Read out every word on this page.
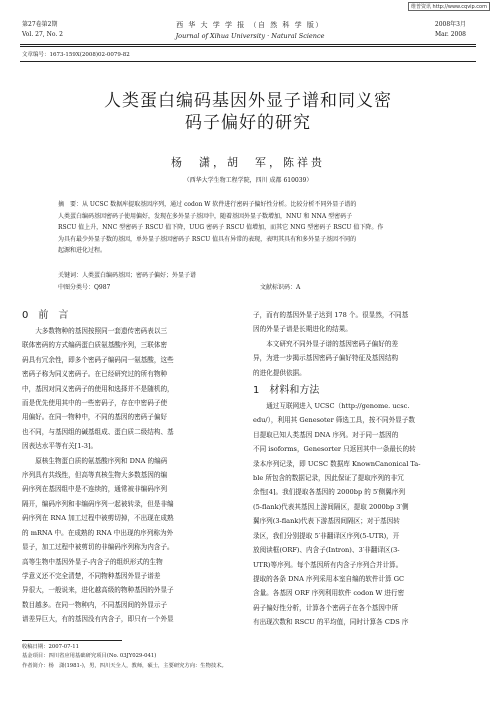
维普资讯 http://www.cqvip.com
第27卷第2期
Vol. 27, No. 2
西 华 大 学 学 报 （自 然 科 学 版）
Journal of Xihua University · Natural Science
2008年3月
Mar. 2008
文章编号：1673-159X(2008)02-0079-82
人类蛋白编码基因外显子谱和同义密
码子偏好的研究
杨　潇，胡　军，陈祥贵
（西华大学生物工程学院，四川 成都 610039）
摘　要：从 UCSC 数据库提取基因序列，通过 codon W 软件进行密码子偏好性分析。比较分析不同外显子谱的
人类蛋白编码基因密码子使用偏好，发现在多外显子基因中，随着基因外显子数增加，NNU 和 NNA 型密码子
RSCU 值上升，NNC 型密码子 RSCU 值下降，UUG 密码子 RSCU 值增加，而其它 NNG 型密码子 RSCU 值下降。作
为具有最少外显子数的基因，单外显子基因密码子 RSCU 值具有异常的表现，表明其具有和多外显子基因不同的
起源和进化过程。
关键词：人类蛋白编码基因；密码子偏好；外显子谱
中图分类号：Q987	文献标识码：A
0　前　言
大多数物种的基因按照同一套遗传密码表以三
联体密码的方式编码蛋白质氨基酸序列，三联体密
码具有冗余性，即多个密码子编码同一氨基酸，这些
密码子称为同义密码子。在已经研究过的所有物种
中，基因对同义密码子的使用和选择并不是随机的，
而是优先使用其中的一些密码子，存在中密码子使
用偏好。在同一物种中，不同的基因的密码子偏好
也不同，与基因组的碱基组成、蛋白质二级结构、基
因表达水平等有关[1-3]。
原核生物蛋白质的氨基酸序列和 DNA 的编码
序列具有共线性，但高等真核生物大多数基因的编
码序列在基因组中是不连续的，通常被非编码序列
隔开，编码序列和非编码序列一起被转录，但是非编
码序列在 RNA 加工过程中被剪切掉，不出现在成熟
的 mRNA 中。在成熟的 RNA 中出现的序列称为外
显子，加工过程中被剪切的非编码序列称为内含子。
高等生物中基因外显子-内含子的组织形式的生物
学意义还不完全清楚，不同物种基因外显子谱差
异很大，一般说来，进化越高级的物种基因的外显子
数目越多。在同一物种内，不同基因间的外显示子
谱差异巨大，有的基因没有内含子，即只有一个外显
子，而有的基因外显子达到 178 个。很显然，不同基
因的外显子谱是长期进化的结果。
本文研究不同外显子谱的基因密码子偏好的差
异，为进一步揭示基因密码子偏好特征及基因结构
的进化提供依据。
1　材料和方法
通过互联网进入 UCSC（http://genome. ucsc.
edu/），利用其 Genesoter 筛选工具，按不同外显子数
目提取已知人类基因 DNA 序列。对于同一基因的
不同 isoforms，Genesorter 只返回其中一条最长的转
录本序列记录，即 UCSC 数据库 KnownCanonical Ta-
ble 所包含的数据记录，因此保证了提取序列的非冗
余性[4]。我们提取各基因的 2000bp 的 5′侧翼序列
(5-flank)代表其基因上游间隔区，提取 2000bp 3′侧
翼序列(3-flank)代表下游基因间隔区；对于基因转
录区，我们分别提取 5′非翻译区序列(5-UTR)，开
放阅读框(ORF)、内含子(Intron)、3′非翻译区(3-
UTR)等序列。每个基因所有内含子序列合并计算。
提取的各条 DNA 序列采用本室自编的软件计算 GC
含量。各基因 ORF 序列利用软件 codon W 进行密
码子偏好性分析，计算各个密码子在各个基因中所
有出现次数和 RSCU 的平均值，同时计算各 CDS 序
收稿日期：2007-07-11
基金项目：四川省应用基础研究项目(No. 03JY029-041)
作者简介：杨　潇(1981-)，男，四川天全人，教师，硕士，主要研究方向：生物技术。
